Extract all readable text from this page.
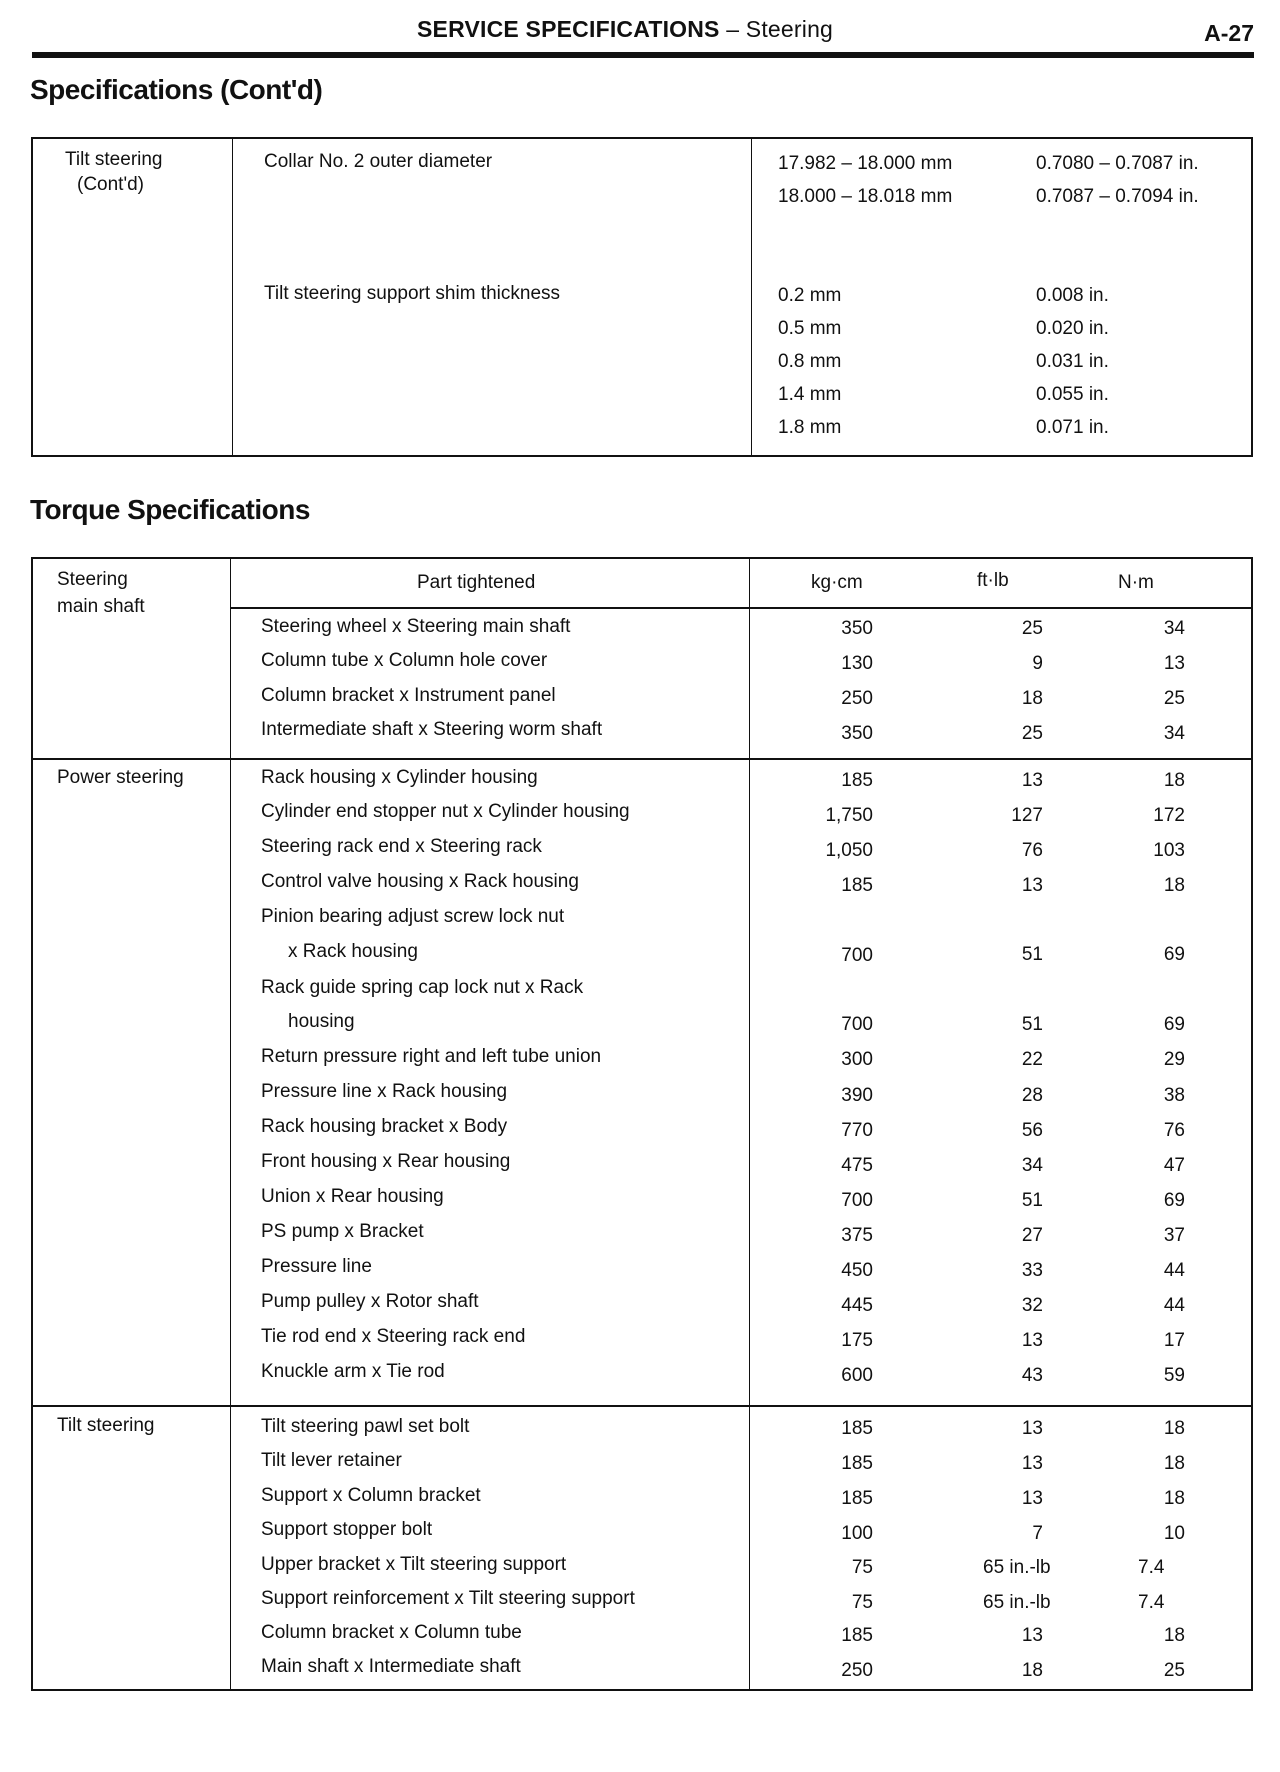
SERVICE SPECIFICATIONS – Steering	A-27
Specifications (Cont'd)
Tilt steering
(Cont'd)
Collar No. 2 outer diameter	17.982 – 18.000 mm	0.7080 – 0.7087 in.
18.000 – 18.018 mm	0.7087 – 0.7094 in.
Tilt steering support shim thickness	0.2 mm	0.008 in.
0.5 mm	0.020 in.
0.8 mm	0.031 in.
1.4 mm	0.055 in.
1.8 mm	0.071 in.
Torque Specifications
Part tightened	kg·cm	ft·lb	N·m
Steering
main shaft
Steering wheel x Steering main shaft	350	25	34
Column tube x Column hole cover	130	9	13
Column bracket x Instrument panel	250	18	25
Intermediate shaft x Steering worm shaft	350	25	34
Power steering	Rack housing x Cylinder housing	185	13	18
Cylinder end stopper nut x Cylinder housing	1,750	127	172
Steering rack end x Steering rack	1,050	76	103
Control valve housing x Rack housing	185	13	18
Pinion bearing adjust screw lock nut
x Rack housing	700	51	69
Rack guide spring cap lock nut x Rack
housing	700	51	69
Return pressure right and left tube union	300	22	29
Pressure line x Rack housing	390	28	38
Rack housing bracket x Body	770	56	76
Front housing x Rear housing	475	34	47
Union x Rear housing	700	51	69
PS pump x Bracket	375	27	37
Pressure line	450	33	44
Pump pulley x Rotor shaft	445	32	44
Tie rod end x Steering rack end	175	13	17
Knuckle arm x Tie rod	600	43	59
Tilt steering	Tilt steering pawl set bolt	185	13	18
Tilt lever retainer	185	13	18
Support x Column bracket	185	13	18
Support stopper bolt	100	7	10
Upper bracket x Tilt steering support	75	65 in.-lb	7.4
Support reinforcement x Tilt steering support	75	65 in.-lb	7.4
Column bracket x Column tube	185	13	18
Main shaft x Intermediate shaft	250	18	25
